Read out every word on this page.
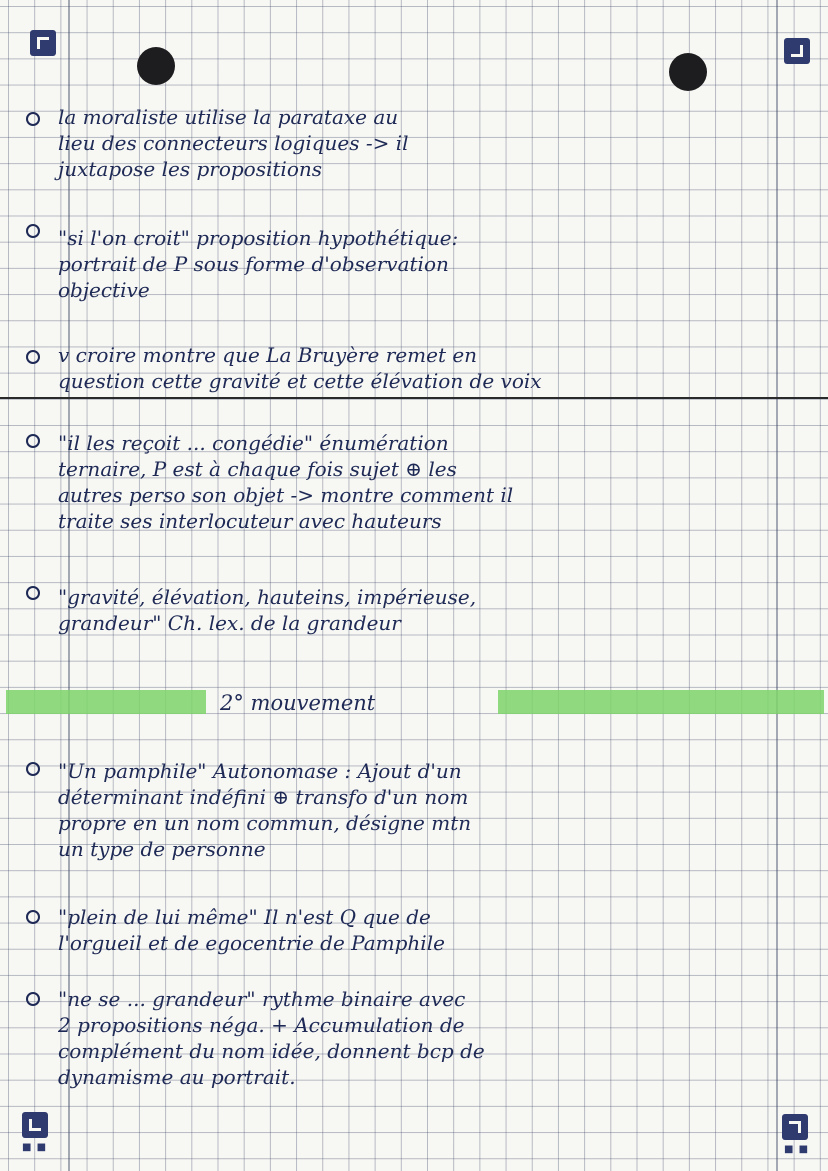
■ ■	■ ■

la moraliste utilise la parataxe au
lieu des connecteurs logiques -> il
juxtapose les propositions

"si l'on croit" proposition hypothétique:
portrait de P sous forme d'observation
objective

v croire montre que La Bruyère remet en
question cette gravité et cette élévation de voix

"il les reçoit ... congédie" énumération
ternaire, P est à chaque fois sujet ⊕ les
autres perso son objet -> montre comment il
traite ses interlocuteur avec hauteurs

"gravité, élévation, hauteins, impérieuse,
grandeur" Ch. lex. de la grandeur

2° mouvement

"Un pamphile" Autonomase : Ajout d'un
déterminant indéfini ⊕ transfo d'un nom
propre en un nom commun, désigne mtn
un type de personne

"plein de lui même" Il n'est Q que de
l'orgueil et de egocentrie de Pamphile

"ne se ... grandeur" rythme binaire avec
2 propositions néga. + Accumulation de
complément du nom idée, donnent bcp de
dynamisme au portrait.
